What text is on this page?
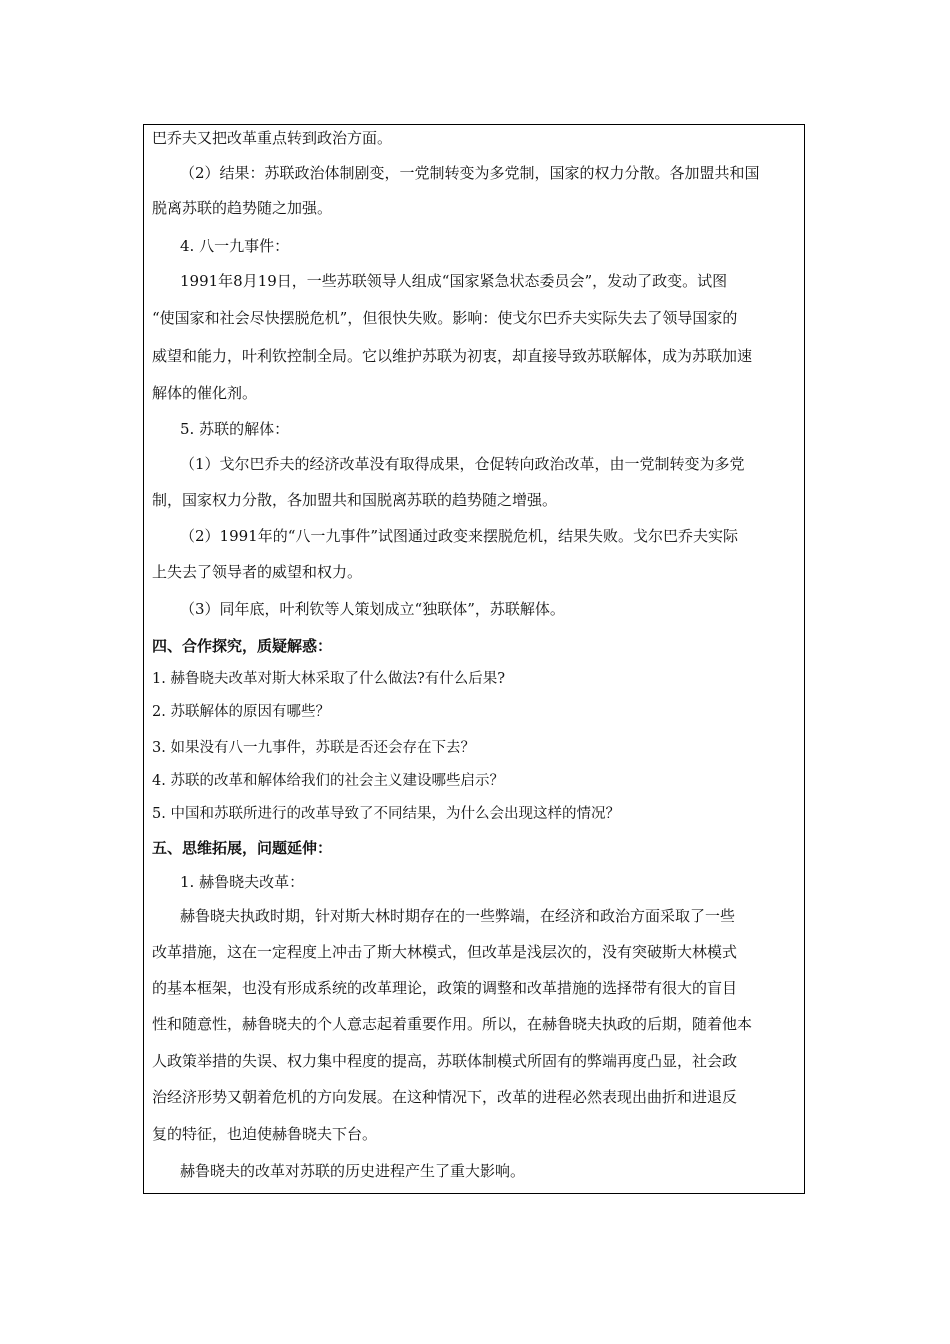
巴乔夫又把改革重点转到政治方面。
（2）结果：苏联政治体制剧变，一党制转变为多党制，国家的权力分散。各加盟共和国
脱离苏联的趋势随之加强。
4. 八一九事件：
1991年8月19日，一些苏联领导人组成“国家紧急状态委员会”，发动了政变。试图
“使国家和社会尽快摆脱危机”，但很快失败。影响：使戈尔巴乔夫实际失去了领导国家的
威望和能力，叶利钦控制全局。它以维护苏联为初衷，却直接导致苏联解体，成为苏联加速
解体的催化剂。
5. 苏联的解体：
（1）戈尔巴乔夫的经济改革没有取得成果，仓促转向政治改革，由一党制转变为多党
制，国家权力分散，各加盟共和国脱离苏联的趋势随之增强。
（2）1991年的“八一九事件”试图通过政变来摆脱危机，结果失败。戈尔巴乔夫实际
上失去了领导者的威望和权力。
（3）同年底，叶利钦等人策划成立“独联体”，苏联解体。
四、合作探究，质疑解惑：
1. 赫鲁晓夫改革对斯大林采取了什么做法?有什么后果?
2. 苏联解体的原因有哪些？
3. 如果没有八一九事件，苏联是否还会存在下去？
4. 苏联的改革和解体给我们的社会主义建设哪些启示？
5. 中国和苏联所进行的改革导致了不同结果，为什么会出现这样的情况？
五、思维拓展，问题延伸：
1. 赫鲁晓夫改革：
赫鲁晓夫执政时期，针对斯大林时期存在的一些弊端，在经济和政治方面采取了一些
改革措施，这在一定程度上冲击了斯大林模式，但改革是浅层次的，没有突破斯大林模式
的基本框架，也没有形成系统的改革理论，政策的调整和改革措施的选择带有很大的盲目
性和随意性，赫鲁晓夫的个人意志起着重要作用。所以，在赫鲁晓夫执政的后期，随着他本
人政策举措的失误、权力集中程度的提高，苏联体制模式所固有的弊端再度凸显，社会政
治经济形势又朝着危机的方向发展。在这种情况下，改革的进程必然表现出曲折和进退反
复的特征，也迫使赫鲁晓夫下台。
赫鲁晓夫的改革对苏联的历史进程产生了重大影响。
